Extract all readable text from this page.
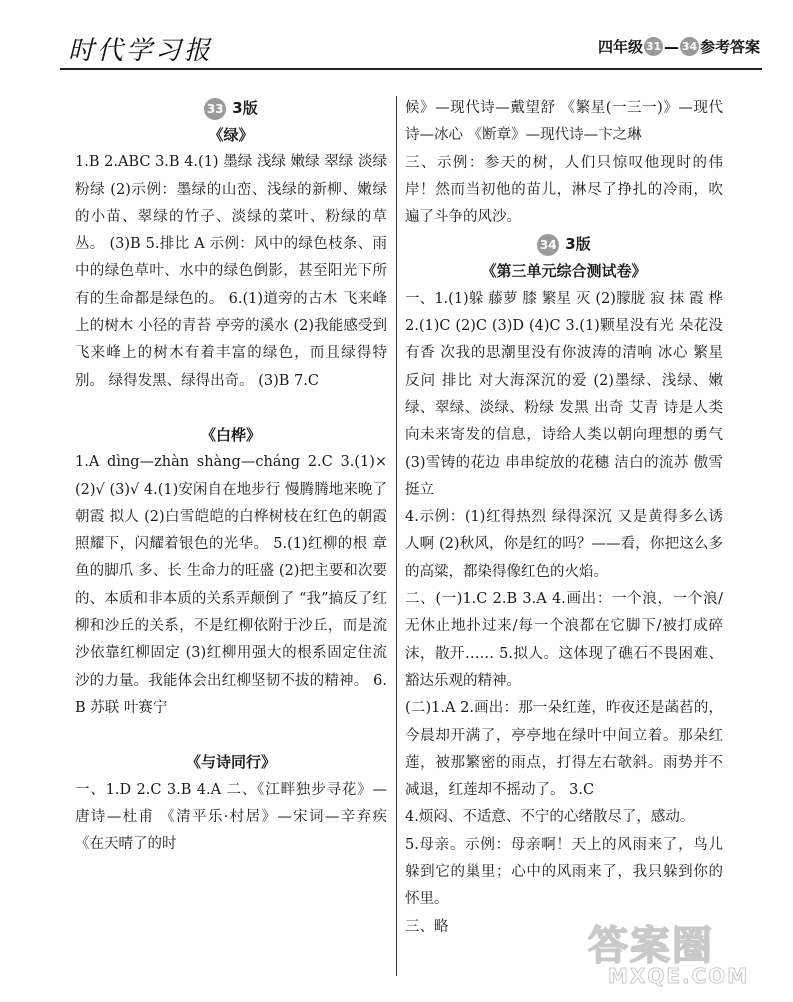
时代学习报	四年级 31 — 34 参考答案
33 3版
《绿》

1.B 2.ABC 3.B 4.(1) 墨绿 浅绿 嫩绿 翠绿 淡绿 粉绿 (2)示例：墨绿的山峦、浅绿的新柳、嫩绿的小苗、翠绿的竹子、淡绿的菜叶、粉绿的草丛。 (3)B 5.排比 A 示例：风中的绿色枝条、雨中的绿色草叶、水中的绿色倒影，甚至阳光下所有的生命都是绿色的。 6.(1)道旁的古木 飞来峰上的树木 小径的青苔 亭旁的溪水 (2)我能感受到飞来峰上的树木有着丰富的绿色，而且绿得特别。 绿得发黑、绿得出奇。 (3)B 7.C

《白桦》

1.A dìng—zhàn shàng—cháng 2.C 3.(1)× (2)√ (3)√ 4.(1)安闲自在地步行 慢腾腾地来晚了 朝霞 拟人 (2)白雪皑皑的白桦树枝在红色的朝霞照耀下，闪耀着银色的光华。 5.(1)红柳的根 章鱼的脚爪 多、长 生命力的旺盛 (2)把主要和次要的、本质和非本质的关系弄颠倒了 “我”搞反了红柳和沙丘的关系，不是红柳依附于沙丘，而是流沙依靠红柳固定 (3)红柳用强大的根系固定住流沙的力量。我能体会出红柳坚韧不拔的精神。 6.B 苏联 叶赛宁

《与诗同行》

一、1.D 2.C 3.B 4.A 二、《江畔独步寻花》—唐诗—杜甫 《清平乐·村居》—宋词—辛弃疾 《在天晴了的时

候》—现代诗—戴望舒 《繁星(一三一)》—现代诗—冰心 《断章》—现代诗—卞之琳

三、示例：参天的树，人们只惊叹他现时的伟岸！然而当初他的苗儿，淋尽了挣扎的冷雨，吹遍了斗争的风沙。

34 3版
《第三单元综合测试卷》

一、1.(1)躲 藤萝 膝 繁星 灭 (2)朦胧 寂 抹 霞 桦 2.(1)C (2)C (3)D (4)C 3.(1)颗星没有光 朵花没有香 次我的思潮里没有你波涛的清响 冰心 繁星 反问 排比 对大海深沉的爱 (2)墨绿、浅绿、嫩绿、翠绿、淡绿、粉绿 发黑 出奇 艾青 诗是人类向未来寄发的信息，诗给人类以朝向理想的勇气 (3)雪铸的花边 串串绽放的花穗 洁白的流苏 傲雪挺立

4.示例：(1)红得热烈 绿得深沉 又是黄得多么诱人啊 (2)秋风，你是红的吗？——看，你把这么多的高粱，都染得像红色的火焰。

二、(一)1.C 2.B 3.A 4.画出：一个浪，一个浪/无休止地扑过来/每一个浪都在它脚下/被打成碎沫，散开…… 5.拟人。这体现了礁石不畏困难、豁达乐观的精神。

(二)1.A 2.画出：那一朵红莲，昨夜还是菡萏的，今晨却开满了，亭亭地在绿叶中间立着。那朵红莲，被那繁密的雨点，打得左右欹斜。雨势并不减退，红莲却不摇动了。 3.C

4.烦闷、不适意、不宁的心绪散尽了，感动。

5.母亲。示例：母亲啊！天上的风雨来了，鸟儿躲到它的巢里；心中的风雨来了，我只躲到你的怀里。

三、略	答案圈
MXQE.COM
